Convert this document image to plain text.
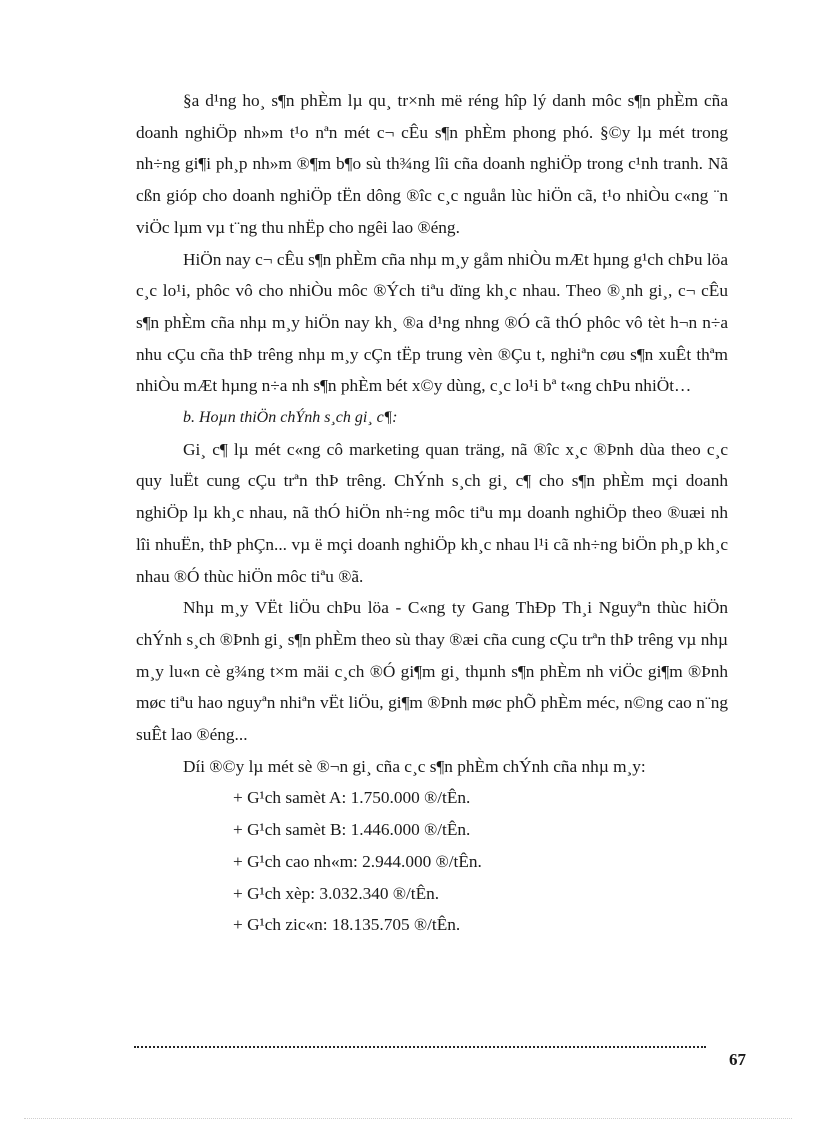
§a d¹ng ho¸ s¶n phÈm lµ qu¸ tr×nh më réng hîp lý danh môc s¶n phÈm cña doanh nghiÖp nh»m t¹o nªn mét c¬ cÊu s¶n phÈm phong phó. §©y lµ mét trong nh÷ng gi¶i ph¸p nh»m ®¶m b¶o sù th¾ng lîi cña doanh nghiÖp trong c¹nh tranh. Nã cßn gióp cho doanh nghiÖp tËn dông ®îc c¸c nguån lùc hiÖn cã, t¹o nhiÒu c«ng ¨n viÖc lµm vµ t¨ng thu nhËp cho ngêi lao ®éng.

HiÖn nay c¬ cÊu s¶n phÈm cña nhµ m¸y gåm nhiÒu mÆt hµng g¹ch chÞu löa c¸c lo¹i, phôc vô cho nhiÒu môc ®Ých tiªu dïng kh¸c nhau. Theo ®¸nh gi¸, c¬ cÊu s¶n phÈm cña nhµ m¸y hiÖn nay kh¸ ®a d¹ng nhng ®Ó cã thÓ phôc vô tèt h¬n n÷a nhu cÇu cña thÞ trêng nhµ m¸y cÇn tËp trung vèn ®Çu t, nghiªn cøu s¶n xuÊt thªm nhiÒu mÆt hµng n÷a nh s¶n phÈm bét x©y dùng, c¸c lo¹i bª t«ng chÞu nhiÖt…

b. Hoµn thiÖn chÝnh s¸ch gi¸ c¶:

Gi¸ c¶ lµ mét c«ng cô marketing quan träng, nã ®îc x¸c ®Þnh dùa theo c¸c quy luËt cung cÇu trªn thÞ trêng. ChÝnh s¸ch gi¸ c¶ cho s¶n phÈm mçi doanh nghiÖp lµ kh¸c nhau, nã thÓ hiÖn nh÷ng môc tiªu mµ doanh nghiÖp theo ®uæi nh lîi nhuËn, thÞ phÇn... vµ ë mçi doanh nghiÖp kh¸c nhau l¹i cã nh÷ng biÖn ph¸p kh¸c nhau ®Ó thùc hiÖn môc tiªu ®ã.

Nhµ m¸y VËt liÖu chÞu löa - C«ng ty Gang ThÐp Th¸i Nguyªn thùc hiÖn chÝnh s¸ch ®Þnh gi¸ s¶n phÈm theo sù thay ®æi cña cung cÇu trªn thÞ trêng vµ nhµ m¸y lu«n cè g¾ng t×m mäi c¸ch ®Ó gi¶m gi¸ thµnh s¶n phÈm nh viÖc gi¶m ®Þnh møc tiªu hao nguyªn nhiªn vËt liÖu, gi¶m ®Þnh møc phÕ phÈm méc, n©ng cao n¨ng suÊt lao ®éng...

Díi ®©y lµ mét sè ®¬n gi¸ cña c¸c s¶n phÈm chÝnh cña nhµ m¸y:

+ G¹ch samèt A: 1.750.000 ®/tÊn.

+ G¹ch samèt B: 1.446.000 ®/tÊn.

+ G¹ch cao nh«m: 2.944.000 ®/tÊn.

+ G¹ch xèp: 3.032.340 ®/tÊn.

+ G¹ch zic«n: 18.135.705 ®/tÊn.

67
